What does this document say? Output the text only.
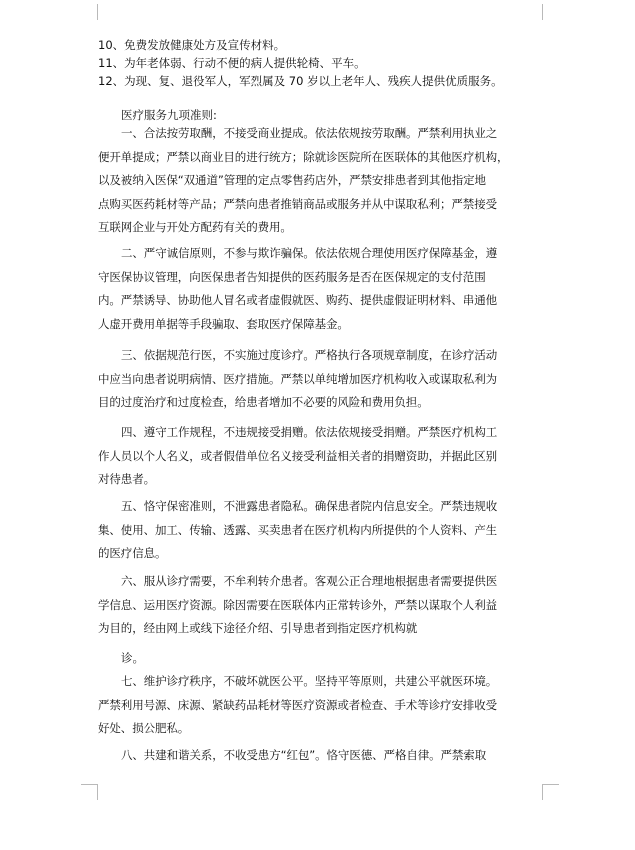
10、免费发放健康处方及宣传材料。
11、为年老体弱、行动不便的病人提供轮椅、平车。
12、为现、复、退役军人，军烈属及 70 岁以上老年人、残疾人提供优质服务。
医疗服务九项准则:
一、合法按劳取酬，不接受商业提成。依法依规按劳取酬。严禁利用执业之
便开单提成；严禁以商业目的进行统方；除就诊医院所在医联体的其他医疗机构，
以及被纳入医保“双通道”管理的定点零售药店外，严禁安排患者到其他指定地
点购买医药耗材等产品；严禁向患者推销商品或服务并从中谋取私利；严禁接受
互联网企业与开处方配药有关的费用。
二、严守诚信原则，不参与欺诈骗保。依法依规合理使用医疗保障基金，遵
守医保协议管理，向医保患者告知提供的医药服务是否在医保规定的支付范围
内。严禁诱导、协助他人冒名或者虚假就医、购药、提供虚假证明材料、串通他
人虚开费用单据等手段骗取、套取医疗保障基金。
三、依据规范行医，不实施过度诊疗。严格执行各项规章制度，在诊疗活动
中应当向患者说明病情、医疗措施。严禁以单纯增加医疗机构收入或谋取私利为
目的过度治疗和过度检查，给患者增加不必要的风险和费用负担。
四、遵守工作规程，不违规接受捐赠。依法依规接受捐赠。严禁医疗机构工
作人员以个人名义，或者假借单位名义接受利益相关者的捐赠资助，并据此区别
对待患者。
五、恪守保密准则，不泄露患者隐私。确保患者院内信息安全。严禁违规收
集、使用、加工、传输、透露、买卖患者在医疗机构内所提供的个人资料、产生
的医疗信息。
六、服从诊疗需要，不牟利转介患者。客观公正合理地根据患者需要提供医
学信息、运用医疗资源。除因需要在医联体内正常转诊外，严禁以谋取个人利益
为目的，经由网上或线下途径介绍、引导患者到指定医疗机构就
诊。
七、维护诊疗秩序，不破坏就医公平。坚持平等原则，共建公平就医环境。
严禁利用号源、床源、紧缺药品耗材等医疗资源或者检查、手术等诊疗安排收受
好处、损公肥私。
八、共建和谐关系，不收受患方“红包”。恪守医德、严格自律。严禁索取
